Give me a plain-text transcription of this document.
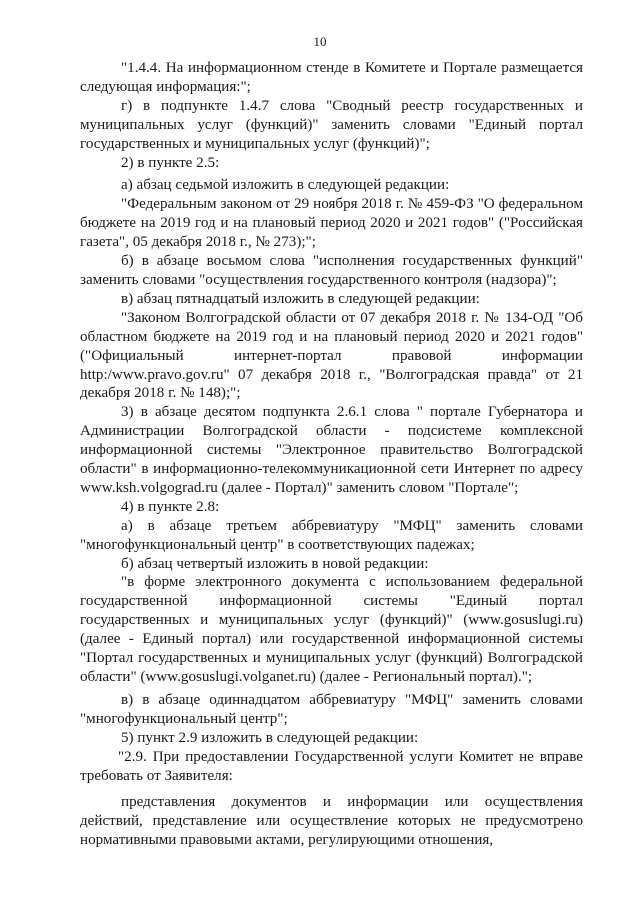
10

"1.4.4. На информационном стенде в Комитете и Портале размещается следующая информация:";

г) в подпункте 1.4.7 слова "Сводный реестр государственных и муниципальных услуг (функций)" заменить словами "Единый портал государственных и муниципальных услуг (функций)";

2) в пункте 2.5:

а) абзац седьмой изложить в следующей редакции:

"Федеральным законом от 29 ноября 2018 г. № 459-ФЗ "О федеральном бюджете на 2019 год и на плановый период 2020 и 2021 годов" ("Российская газета", 05 декабря 2018 г., № 273);";

б) в абзаце восьмом слова "исполнения государственных функций" заменить словами "осуществления государственного контроля (надзора)";

в) абзац пятнадцатый изложить в следующей редакции:

"Законом Волгоградской области от 07 декабря 2018 г. № 134-ОД "Об областном бюджете на 2019 год и на плановый период 2020 и 2021 годов" ("Официальный интернет-портал правовой информации http:/www.pravo.gov.ru" 07 декабря 2018 г., "Волгоградская правда" от 21 декабря 2018 г. № 148);";

3) в абзаце десятом подпункта 2.6.1 слова " портале Губернатора и Администрации Волгоградской области - подсистеме комплексной информационной системы "Электронное правительство Волгоградской области" в информационно-телекоммуникационной сети Интернет по адресу www.ksh.volgograd.ru (далее - Портал)" заменить словом "Портале";

4) в пункте 2.8:

а) в абзаце третьем аббревиатуру "МФЦ" заменить словами "многофункциональный центр" в соответствующих падежах;

б) абзац четвертый изложить в новой редакции:

"в форме электронного документа с использованием федеральной государственной информационной системы "Единый портал государственных и муниципальных услуг (функций)" (www.gosuslugi.ru) (далее - Единый портал) или государственной информационной системы "Портал государственных и муниципальных услуг (функций) Волгоградской области" (www.gosuslugi.volganet.ru) (далее - Региональный портал).";

в) в абзаце одиннадцатом аббревиатуру "МФЦ" заменить словами "многофункциональный центр";

5) пункт 2.9 изложить в следующей редакции:

"2.9. При предоставлении Государственной услуги Комитет не вправе требовать от Заявителя:

представления документов и информации или осуществления действий, представление или осуществление которых не предусмотрено нормативными правовыми актами, регулирующими отношения,
